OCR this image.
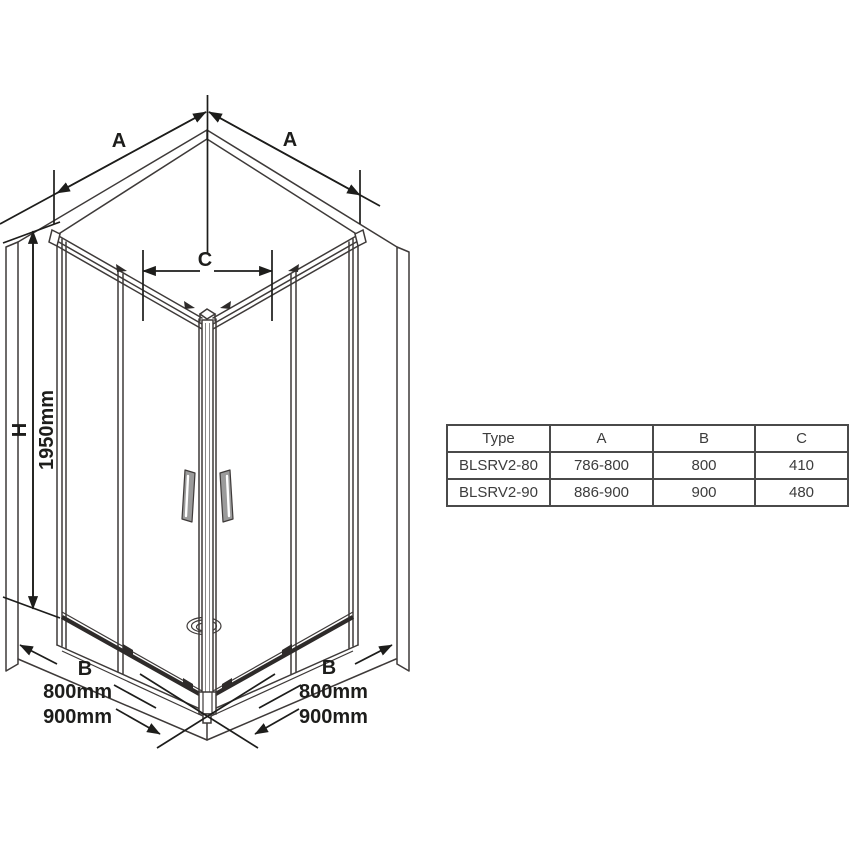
A	A
C
H 1950mm
B	B
800mm
900mm
800mm
900mm
Type	A	B	C
BLSRV2-80	786-800	800	410
BLSRV2-90	886-900	900	480
